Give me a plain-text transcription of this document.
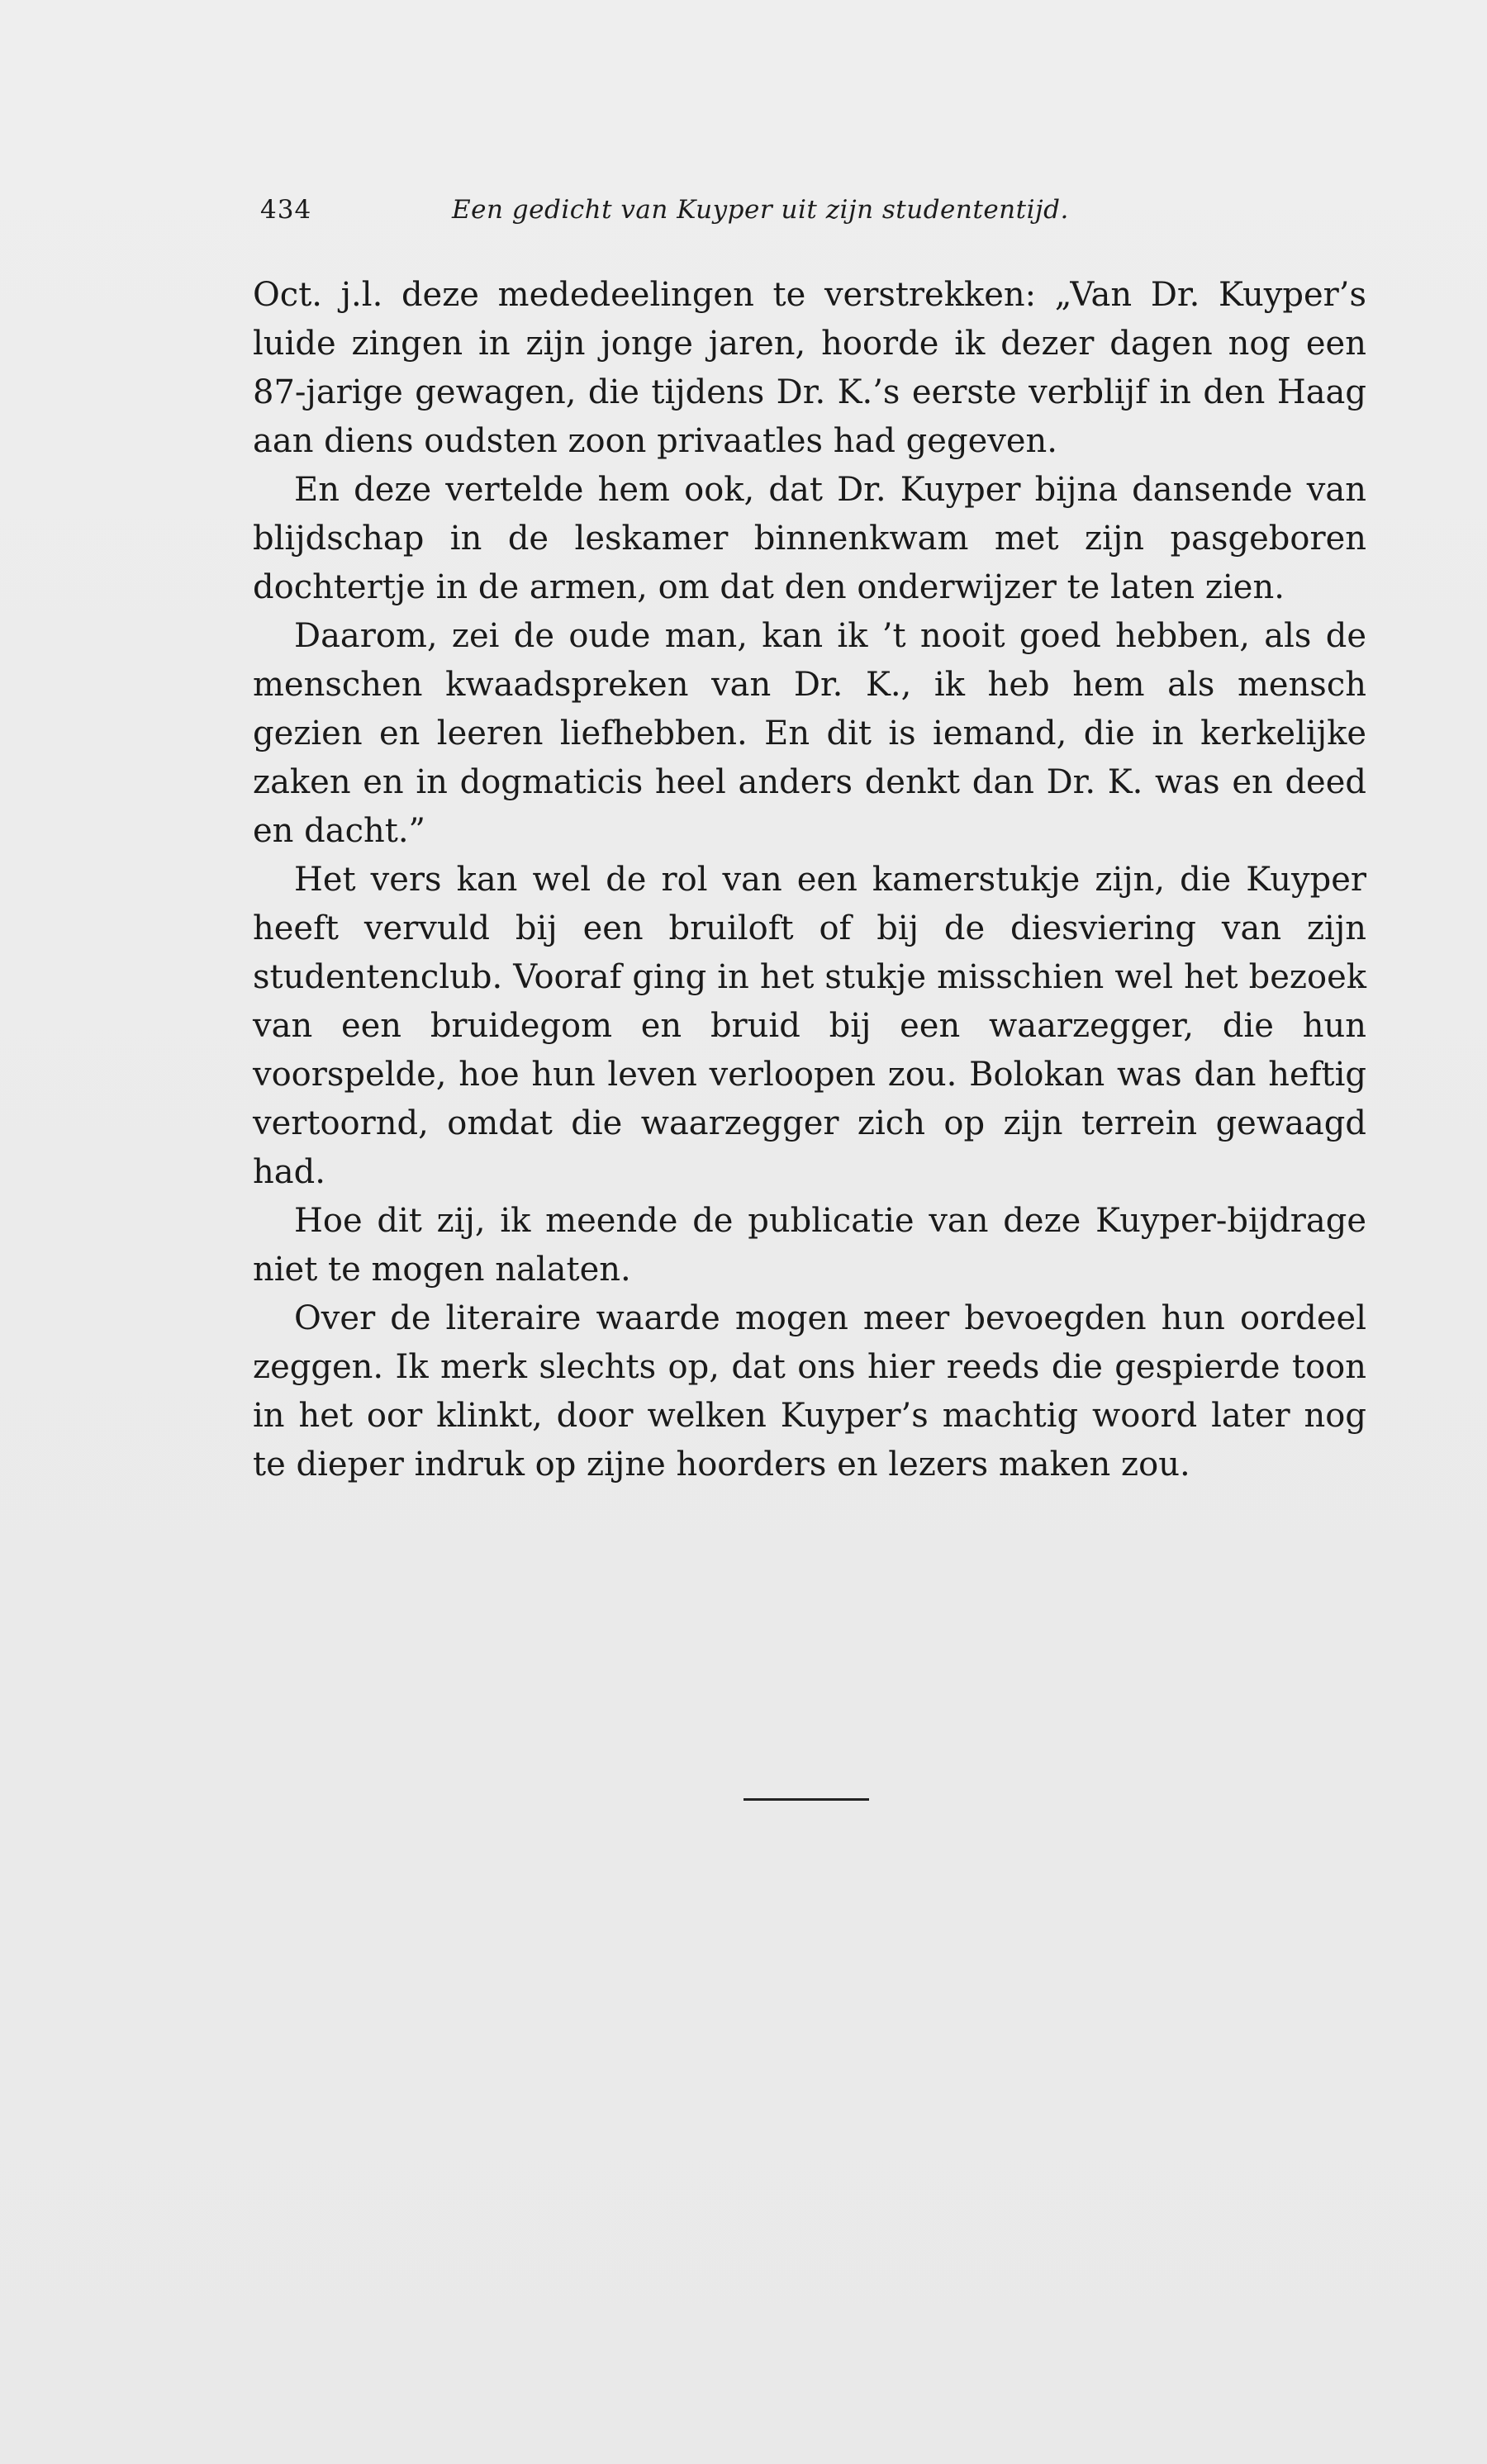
434	Een gedicht van Kuyper uit zijn studententijd.

Oct. j.l. deze mededeelingen te verstrekken: „Van Dr. Kuyper’s luide zingen in zijn jonge jaren, hoorde ik dezer dagen nog een 87-jarige gewagen, die tijdens Dr. K.’s eerste verblijf in den Haag aan diens oudsten zoon privaatles had gegeven.

En deze vertelde hem ook, dat Dr. Kuyper bijna dansende van blijdschap in de leskamer binnenkwam met zijn pasgeboren dochtertje in de armen, om dat den onderwijzer te laten zien.

Daarom, zei de oude man, kan ik ’t nooit goed hebben, als de menschen kwaadspreken van Dr. K., ik heb hem als mensch gezien en leeren liefhebben. En dit is iemand, die in kerkelijke zaken en in dogmaticis heel anders denkt dan Dr. K. was en deed en dacht.”

Het vers kan wel de rol van een kamerstukje zijn, die Kuyper heeft vervuld bij een bruiloft of bij de diesviering van zijn studentenclub. Vooraf ging in het stukje misschien wel het bezoek van een bruidegom en bruid bij een waarzegger, die hun voorspelde, hoe hun leven verloopen zou. Bolokan was dan heftig vertoornd, omdat die waarzegger zich op zijn terrein gewaagd had.

Hoe dit zij, ik meende de publicatie van deze Kuyper-bijdrage niet te mogen nalaten.

Over de literaire waarde mogen meer bevoegden hun oordeel zeggen. Ik merk slechts op, dat ons hier reeds die gespierde toon in het oor klinkt, door welken Kuyper’s machtig woord later nog te dieper indruk op zijne hoorders en lezers maken zou.
